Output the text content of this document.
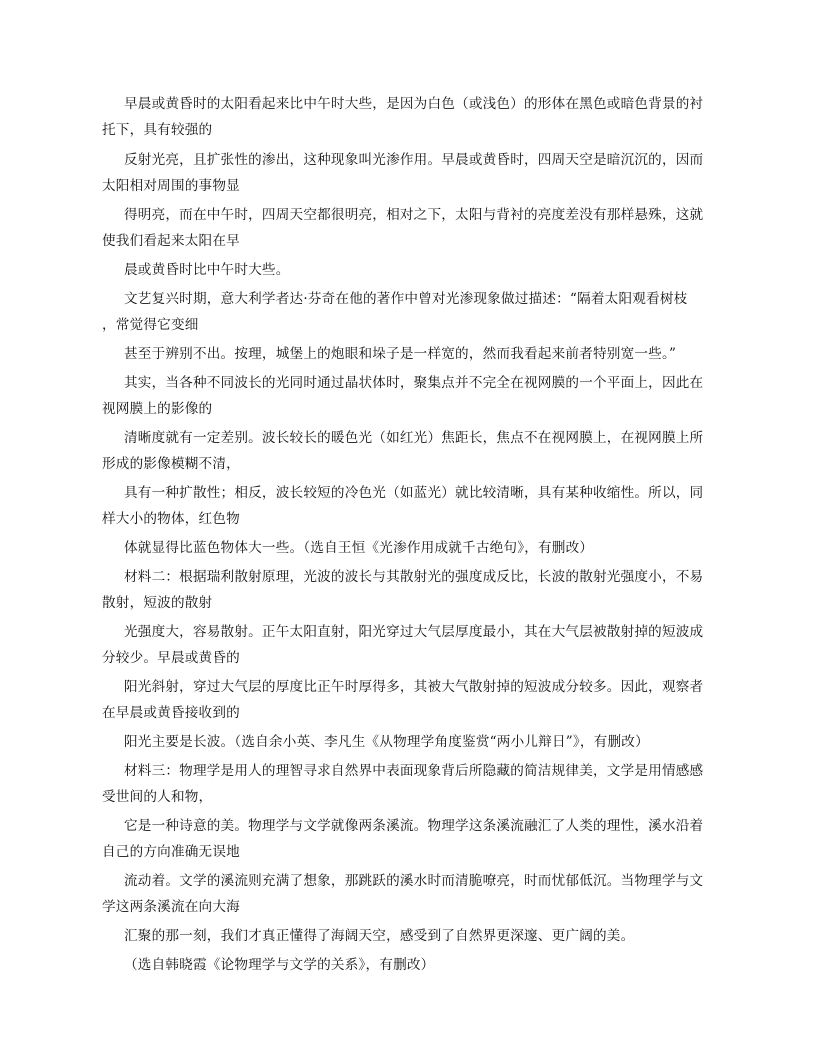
早晨或黄昏时的太阳看起来比中午时大些，是因为白色（或浅色）的形体在黑色或暗色背景的衬
托下，具有较强的
反射光亮，且扩张性的渗出，这种现象叫光渗作用。早晨或黄昏时，四周天空是暗沉沉的，因而
太阳相对周围的事物显
得明亮，而在中午时，四周天空都很明亮，相对之下，太阳与背衬的亮度差没有那样悬殊，这就
使我们看起来太阳在早
晨或黄昏时比中午时大些。
文艺复兴时期，意大利学者达·芬奇在他的著作中曾对光渗现象做过描述：“隔着太阳观看树枝
，常觉得它变细
甚至于辨别不出。按理，城堡上的炮眼和垛子是一样宽的，然而我看起来前者特别宽一些。”
其实，当各种不同波长的光同时通过晶状体时，聚集点并不完全在视网膜的一个平面上，因此在
视网膜上的影像的
清晰度就有一定差别。波长较长的暖色光（如红光）焦距长，焦点不在视网膜上，在视网膜上所
形成的影像模糊不清，
具有一种扩散性；相反，波长较短的冷色光（如蓝光）就比较清晰，具有某种收缩性。所以，同
样大小的物体，红色物
体就显得比蓝色物体大一些。（选自王恒《光渗作用成就千古绝句》，有删改）
材料二：根据瑞利散射原理，光波的波长与其散射光的强度成反比，长波的散射光强度小，不易
散射，短波的散射
光强度大，容易散射。正午太阳直射，阳光穿过大气层厚度最小，其在大气层被散射掉的短波成
分较少。早晨或黄昏的
阳光斜射，穿过大气层的厚度比正午时厚得多，其被大气散射掉的短波成分较多。因此，观察者
在早晨或黄昏接收到的
阳光主要是长波。（选自余小英、李凡生《从物理学角度鉴赏“两小儿辩日”》，有删改）
材料三：物理学是用人的理智寻求自然界中表面现象背后所隐藏的简洁规律美，文学是用情感感
受世间的人和物，
它是一种诗意的美。物理学与文学就像两条溪流。物理学这条溪流融汇了人类的理性，溪水沿着
自己的方向准确无误地
流动着。文学的溪流则充满了想象，那跳跃的溪水时而清脆嘹亮，时而忧郁低沉。当物理学与文
学这两条溪流在向大海
汇聚的那一刻，我们才真正懂得了海阔天空，感受到了自然界更深邃、更广阔的美。
（选自韩晓霞《论物理学与文学的关系》，有删改）
